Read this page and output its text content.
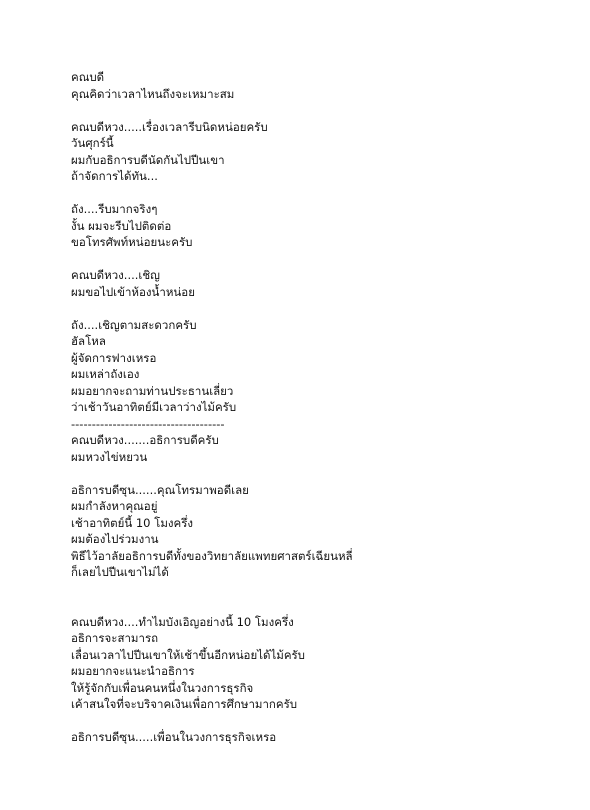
คณบดี
คุณคิดว่าเวลาไหนถึงจะเหมาะสม
คณบดีหวง.....เรื่องเวลารีบนิดหน่อยครับ
วันศุกร์นี้
ผมกับอธิการบดีนัดกันไปปีนเขา
ถ้าจัดการได้ทัน...
ถัง....รีบมากจริงๆ
งั้น ผมจะรีบไปติดต่อ
ขอโทรศัพท์หน่อยนะครับ
คณบดีหวง....เชิญ
ผมขอไปเข้าห้องน้ำหน่อย
ถัง....เชิญตามสะดวกครับ
ฮัลโหล
ผู้จัดการฟางเหรอ
ผมเหล่าถังเอง
ผมอยากจะถามท่านประธานเลี่ยว
ว่าเช้าวันอาทิตย์มีเวลาว่างไม้ครับ
-------------------------------------
คณบดีหวง.......อธิการบดีครับ
ผมหวงไข่หยวน
อธิการบดีซุน......คุณโทรมาพอดีเลย
ผมกำลังหาคุณอยู่
เช้าอาทิตย์นี้ 10 โมงครึ่ง
ผมต้องไปร่วมงาน
พิธีไว้อาลัยอธิการบดีทั้งของวิทยาลัยแพทยศาสตร์เฉียนหลี่
ก็เลยไปปีนเขาไม่ได้
คณบดีหวง....ทำไมบังเอิญอย่างนี้ 10 โมงครึ่ง
อธิการจะสามารถ
เลื่อนเวลาไปปีนเขาให้เช้าขึ้นอีกหน่อยได้ไม้ครับ
ผมอยากจะแนะนำอธิการ
ให้รู้จักกับเพื่อนคนหนึ่งในวงการธุรกิจ
เค้าสนใจที่จะบริจาคเงินเพื่อการศึกษามากครับ
อธิการบดีซุน.....เพื่อนในวงการธุรกิจเหรอ
